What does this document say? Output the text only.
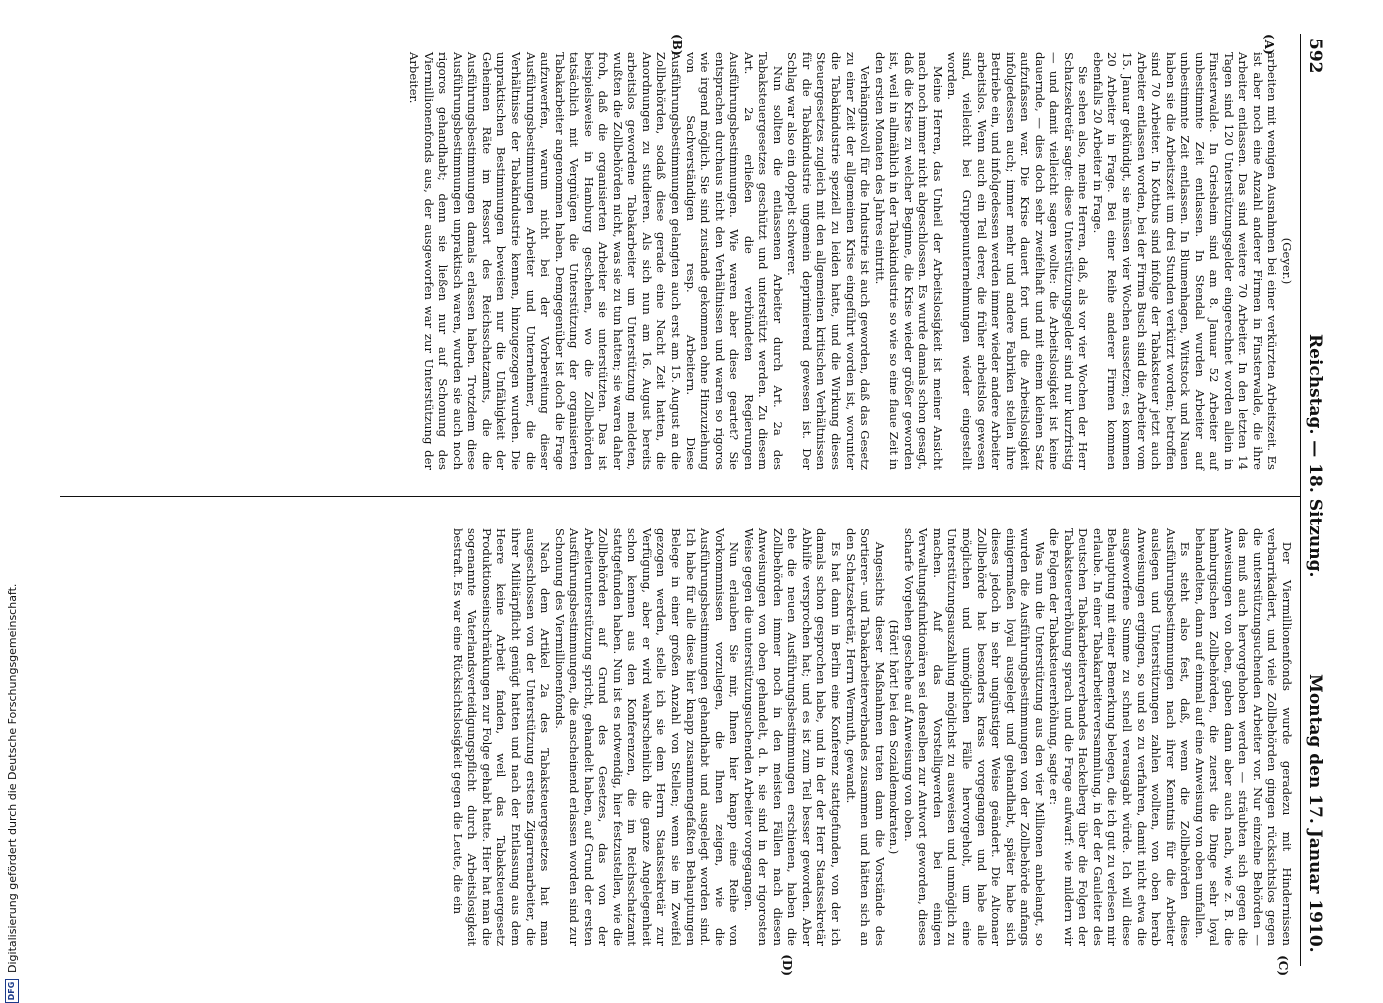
592
Reichstag. — 18. Sitzung.
Montag den 17. Januar 1910.
(A)
(B)

(Geyer.)

arbeiten mit wenigen Ausnahmen bei einer verkürzten Arbeitszeit. Es ist aber noch eine Anzahl anderer Firmen in Finsterwalde, die ihre Arbeiter entlassen. Das sind weitere 70 Arbeiter. In den letzten 14 Tagen sind 120 Unterstützungsgelder eingerechnet worden allein in Finsterwalde. In Griesheim sind am 8. Januar 52 Arbeiter auf unbestimmte Zeit entlassen. In Stendal wurden Arbeiter auf unbestimmte Zeit entlassen. In Blumenhagen, Wittstock und Nauen haben sie die Arbeitszeit um drei Stunden verkürzt worden; betroffen sind 70 Arbeiter. In Kottbus sind infolge der Tabaksteuer jetzt auch Arbeiter entlassen worden, bei der Firma Busch sind die Arbeiter vom 15. Januar gekündigt, sie müssen vier Wochen aussetzen; es kommen 20 Arbeiter in Frage. Bei einer Reihe anderer Firmen kommen ebenfalls 20 Arbeiter in Frage.

Sie sehen also, meine Herren, daß, als vor vier Wochen der Herr Schatzsekretär sagte: diese Unterstützungsgelder sind nur kurzfristig — und damit vielleicht sagen wollte: die Arbeitslosigkeit ist keine dauernde, — dies doch sehr zweifelhaft und mit einem kleinen Satz aufzufassen war. Die Krise dauert fort und die Arbeitslosigkeit infolgedessen auch; immer mehr und andere Fabriken stellen ihre Betriebe ein, und infolgedessen werden immer wieder andere Arbeiter arbeitslos. Wenn auch ein Teil derer, die früher arbeitslos gewesen sind, vielleicht bei Gruppenunternehmungen wieder eingestellt worden.

Meine Herren, das Unheil der Arbeitslosigkeit ist meiner Ansicht nach noch immer nicht abgeschlossen. Es wurde damals schon gesagt, daß die Krise zu welcher Beginne, die Krise wieder größer geworden ist, weil in allmählich in der Tabakindustrie so wie so eine flaue Zeit in den ersten Monaten des Jahres eintritt.

Verhängnisvoll für die Industrie ist auch geworden, daß das Gesetz zu einer Zeit der allgemeinen Krise eingeführt worden ist, worunter die Tabakindustrie speziell zu leiden hatte, und die Wirkung dieses Steuergesetzes zugleich mit den allgemeinen kritischen Verhältnissen für die Tabakindustrie ungemein deprimierend gewesen ist. Der Schlag war also ein doppelt schwerer.

Nun sollten die entlassenen Arbeiter durch Art. 2a des Tabaksteuergesetzes geschützt und unterstützt werden. Zu diesem Art. 2a erließen die verbündeten Regierungen Ausführungsbestimmungen. Wie waren aber diese geartet? Sie entsprachen durchaus nicht den Verhältnissen und waren so rigoros wie irgend möglich. Sie sind zustande gekommen ohne Hinzuziehung von Sachverständigen resp. Arbeitern. Diese Ausführungsbestimmungen gelangten auch erst am 15. August an die Zollbehörden, sodaß diese gerade eine Nacht Zeit hatten, die Anordnungen zu studieren. Als sich nun am 16. August bereits arbeitslos gewordene Tabakarbeiter um Unterstützung meldeten, wußten die Zollbehörden nicht, was sie zu tun hatten; sie waren daher froh, daß die organisierten Arbeiter sie unterstützten. Das ist beispielsweise in Hamburg geschehen, wo die Zollbehörden tatsächlich mit Vergnügen die Unterstützung der organisierten Tabakarbeiter angenommen haben. Demgegenüber ist doch die Frage aufzuwerfen, warum nicht bei der Vorbereitung dieser Ausführungsbestimmungen Arbeiter und Unternehmer, die die Verhältnisse der Tabakindustrie kennen, hinzugezogen wurden. Die unpraktischen Bestimmungen beweisen nur die Unfähigkeit der Geheimen Räte im Ressort des Reichsschatzamts, die die Ausführungsbestimmungen damals erlassen haben. Trotzdem diese Ausführungsbestimmungen unpraktisch waren, wurden sie auch noch rigoros gehandhabt; denn sie ließen nur auf Schonung des Viermillionenfonds aus, der ausgeworfen war zur Unterstützung der Arbeiter.

(C)
(D)

Der Viermillionenfonds wurde geradezu mit Hindernissen verbarrikadiert, und viele Zollbehörden gingen rücksichtslos gegen die unterstützungsuchenden Arbeiter vor. Nur einzelne Behörden — das muß auch hervorgehoben werden — sträubten sich gegen die Anweisungen von oben, gaben dann aber auch nach, wie z. B. die hamburgischen Zollbehörden, die zuerst die Dinge sehr loyal behandelten, dann auf einmal auf eine Anweisung von oben umfallen.

Es steht also fest, daß, wenn die Zollbehörden diese Ausführungsbestimmungen nach ihrer Kenntnis für die Arbeiter auslegen und Unterstützungen zahlen wollten, von oben herab Anweisungen ergingen, so und so zu verfahren, damit nicht etwa die ausgeworfene Summe zu schnell verausgabt würde. Ich will diese Behauptung mit einer Bemerkung belegen, die ich gut zu verlesen mir erlaube. In einer Tabakarbeiterversammlung, in der der Gauleiter des Deutschen Tabakarbeiterverbandes Hackelberg über die Folgen der Tabaksteuererhöhung sprach und die Frage aufwarf: wie mildern wir die Folgen der Tabaksteuererhöhung, sagte er:

Was nun die Unterstützung aus den vier Millionen anbelangt, so wurden die Ausführungsbestimmungen von der Zollbehörde anfangs einigermaßen loyal ausgelegt und gehandhabt, später habe sich dieses jedoch in sehr ungünstiger Weise geändert. Die Altonaer Zollbehörde hat besonders krass vorgegangen und habe alle möglichen und unmöglichen Fälle hervorgeholt, um eine Unterstützungsauszahlung möglichst zu ausweisen und unmöglich zu machen. Auf das Vorstelligwerden bei einigen Verwaltungsfunktionären sei denselben zur Antwort geworden, dieses scharfe Vorgehen geschehe auf Anweisung von oben.

(Hört! hört! bei den Sozialdemokraten.)

Angesichts dieser Maßnahmen traten dann die Vorstände des Sortierer- und Tabakarbeiterverbandes zusammen und hätten sich an den Schatzsekretär, Herrn Wermuth, gewandt.

Es hat dann in Berlin eine Konferenz stattgefunden, von der ich damals schon gesprochen habe, und in der der Herr Staatssekretär Abhilfe versprochen hat; und es ist zum Teil besser geworden. Aber ehe die neuen Ausführungsbestimmungen erschienen, haben die Zollbehörden immer noch in den meisten Fällen nach diesen Anweisungen von oben gehandelt, d. h. sie sind in der rigorosten Weise gegen die unterstützungsuchenden Arbeiter vorgegangen.

Nun erlauben Sie mir, Ihnen hier knapp eine Reihe von Vorkommnissen vorzulegen, die Ihnen zeigen, wie die Ausführungsbestimmungen gehandhabt und ausgelegt worden sind. Ich habe für alle diese hier knapp zusammengefaßten Behauptungen Belege in einer großen Anzahl von Stellen; wenn sie im Zweifel gezogen werden, stelle ich sie dem Herrn Staatssekretär zur Verfügung, aber er wird wahrscheinlich die ganze Angelegenheit schon kennen aus den Konferenzen, die im Reichsschatzamt stattgefunden haben. Nun ist es notwendig, hier festzustellen, wie die Zollbehörden auf Grund des Gesetzes, das von der Arbeiterunterstützung spricht, gehandelt haben, auf Grund der ersten Ausführungsbestimmungen, die anscheinend erlassen worden sind zur Schonung des Viermillionenfonds.

Nach dem Artikel 2a des Tabaksteuergesetzes hat man ausgeschlossen von der Unterstützung erstens Zigarrenarbeiter, die ihrer Militärpflicht genügt hatten und nach der Entlassung aus dem Heere keine Arbeit fanden, weil das Tabaksteuergesetz Produktionseinschränkungen zur Folge gehabt hatte. Hier hat man die sogenannte Vaterlandsverteidigungspflicht durch Arbeitslosigkeit bestraft. Es war eine Rücksichtslosigkeit gegen die Leute, die ein

DFG
Digitalisierung gefördert durch die Deutsche Forschungsgemeinschaft.
